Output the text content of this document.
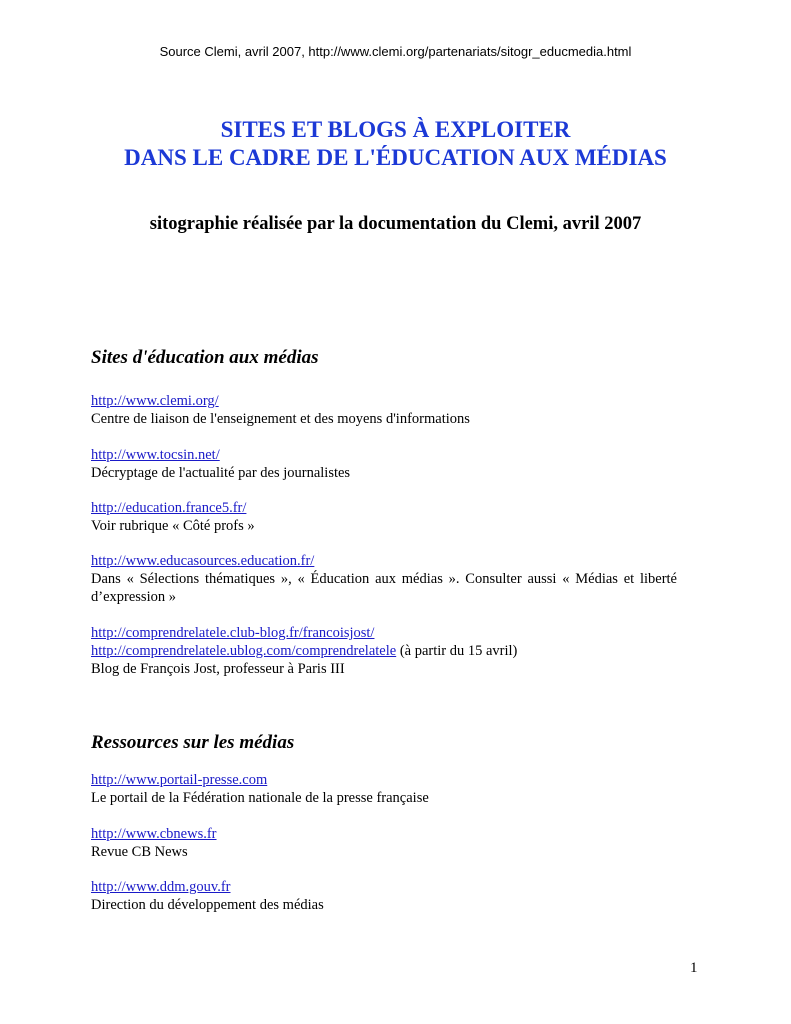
Source Clemi, avril 2007, http://www.clemi.org/partenariats/sitogr_educmedia.html
SITES ET BLOGS À EXPLOITER
DANS LE CADRE DE L'ÉDUCATION AUX MÉDIAS
sitographie réalisée par la documentation du Clemi, avril 2007
Sites d'éducation aux médias
http://www.clemi.org/
Centre de liaison de l'enseignement et des moyens d'informations
http://www.tocsin.net/
Décryptage de l'actualité par des journalistes
http://education.france5.fr/
Voir rubrique « Côté profs »
http://www.educasources.education.fr/
Dans « Sélections thématiques », « Éducation aux médias ». Consulter aussi « Médias et liberté d’expression »
http://comprendrelatele.club-blog.fr/francoisjost/
http://comprendrelatele.ublog.com/comprendrelatele (à partir du 15 avril)
Blog de François Jost, professeur à Paris III
Ressources sur les médias
http://www.portail-presse.com
Le portail de la Fédération nationale de la presse française
http://www.cbnews.fr
Revue CB News
http://www.ddm.gouv.fr
Direction du développement des médias
1
